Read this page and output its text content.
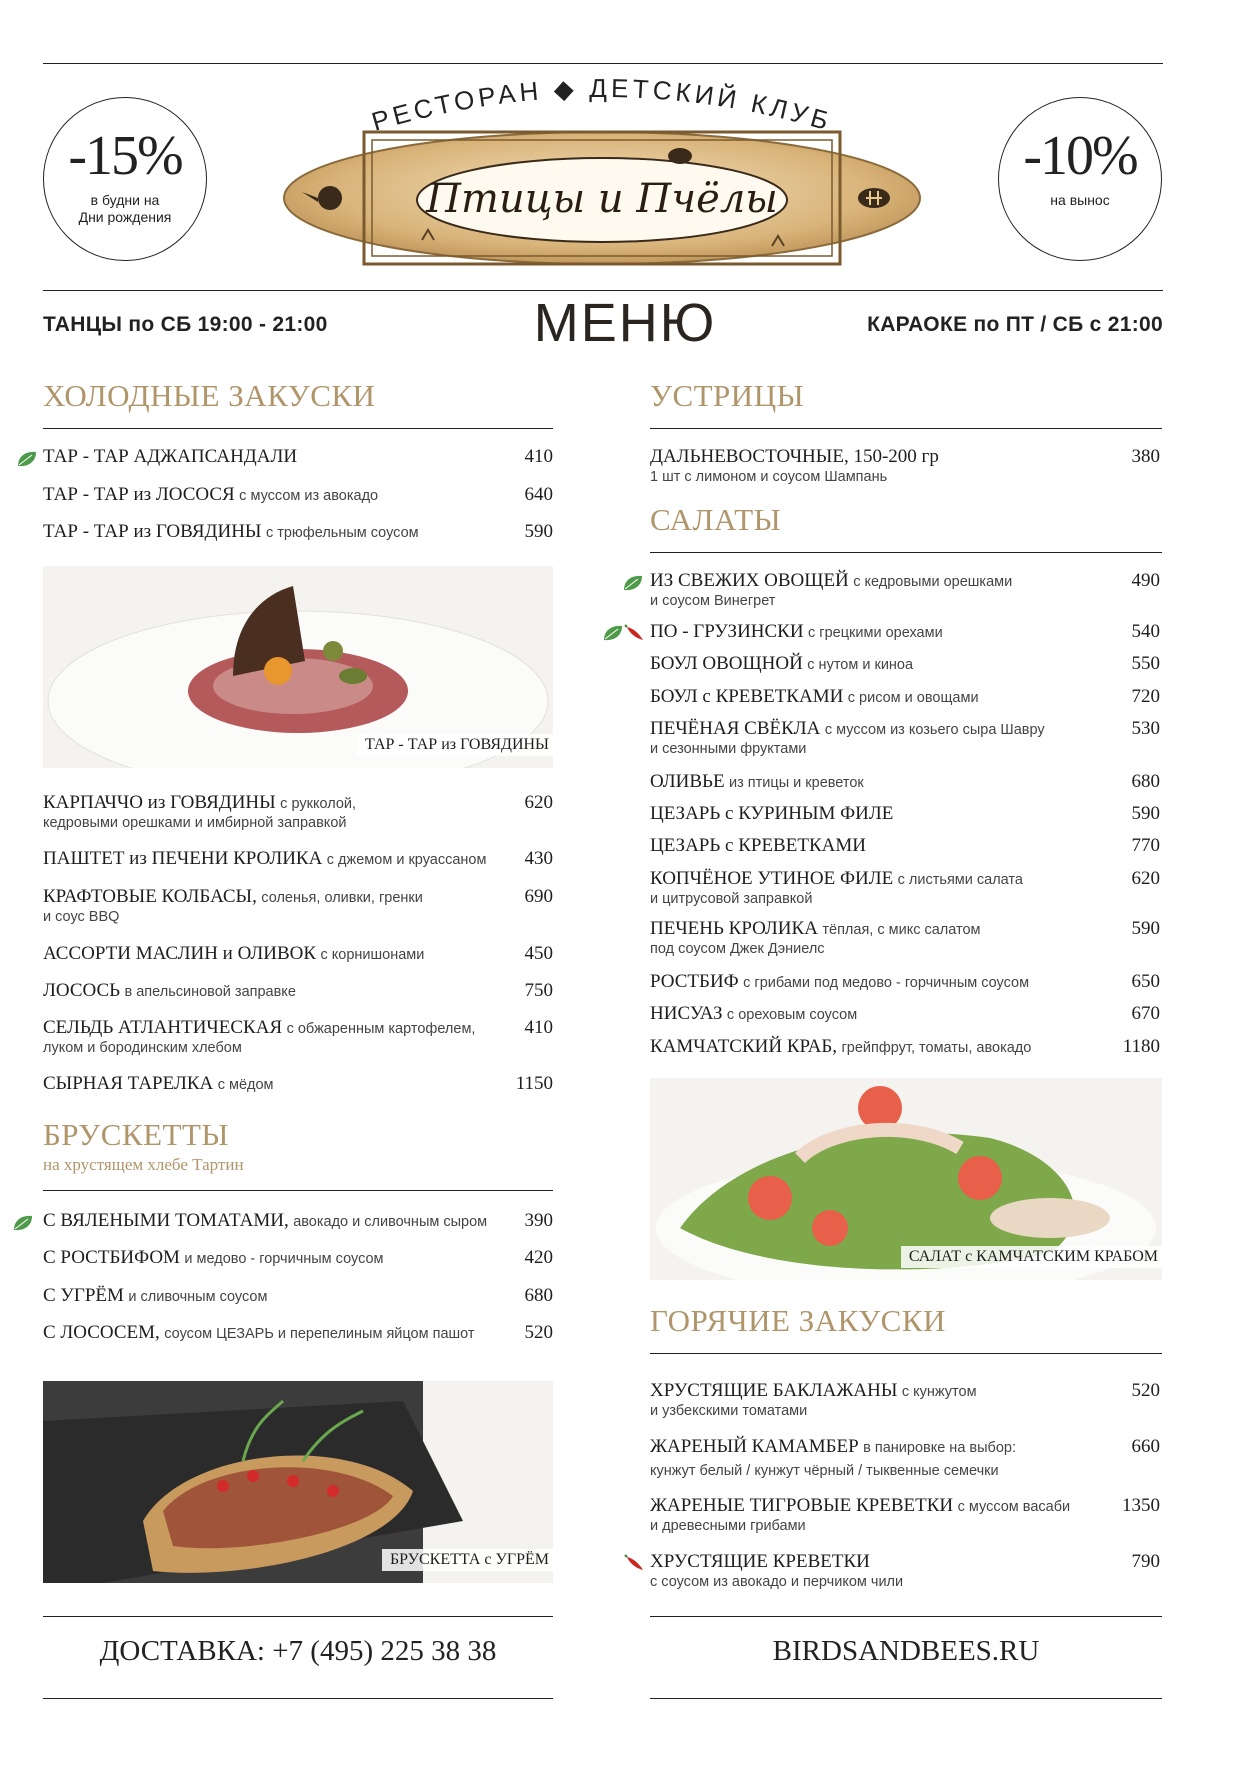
-15%
в будни на
Дни рождения
-10%
на вынос
РЕСТОРАН ◆ ДЕТСКИЙ КЛУБ
Птицы и Пчёлы
ТАНЦЫ по СБ 19:00 - 21:00	МЕНЮ	КАРАОКЕ по ПТ / СБ с 21:00
ХОЛОДНЫЕ ЗАКУСКИ
ТАР - ТАР АДЖАПСАНДАЛИ	410
ТАР - ТАР из ЛОСОСЯ с муссом из авокадо	640
ТАР - ТАР из ГОВЯДИНЫ с трюфельным соусом	590
ТАР - ТАР из ГОВЯДИНЫ
КАРПАЧЧО из ГОВЯДИНЫ с рукколой,
кедровыми орешками и имбирной заправкой
620
ПАШТЕТ из ПЕЧЕНИ КРОЛИКА с джемом и круассаном	430
КРАФТОВЫЕ КОЛБАСЫ, соленья, оливки, гренки
и соус BBQ
690
АССОРТИ МАСЛИН и ОЛИВОК с корнишонами	450
ЛОСОСЬ в апельсиновой заправке	750
СЕЛЬДЬ АТЛАНТИЧЕСКАЯ с обжаренным картофелем,
луком и бородинским хлебом
410
СЫРНАЯ ТАРЕЛКА с мёдом	1150
БРУСКЕТТЫ
на хрустящем хлебе Тартин
С ВЯЛЕНЫМИ ТОМАТАМИ, авокадо и сливочным сыром	390
С РОСТБИФОМ и медово - горчичным соусом	420
С УГРЁМ и сливочным соусом	680
С ЛОСОСЕМ, соусом ЦЕЗАРЬ и перепелиным яйцом пашот	520
БРУСКЕТТА с УГРЁМ
ДОСТАВКА: +7 (495) 225 38 38
УСТРИЦЫ
ДАЛЬНЕВОСТОЧНЫЕ, 150-200 гр
1 шт с лимоном и соусом Шампань
380
САЛАТЫ
ИЗ СВЕЖИХ ОВОЩЕЙ с кедровыми орешками
и соусом Винегрет
490
ПО - ГРУЗИНСКИ с грецкими орехами	540
БОУЛ ОВОЩНОЙ с нутом и киноа	550
БОУЛ с КРЕВЕТКАМИ с рисом и овощами	720
ПЕЧЁНАЯ СВЁКЛА с муссом из козьего сыра Шавру
и сезонными фруктами
530
ОЛИВЬЕ из птицы и креветок	680
ЦЕЗАРЬ с КУРИНЫМ ФИЛЕ	590
ЦЕЗАРЬ с КРЕВЕТКАМИ	770
КОПЧЁНОЕ УТИНОЕ ФИЛЕ с листьями салата
и цитрусовой заправкой
620
ПЕЧЕНЬ КРОЛИКА тёплая, с микс салатом
под соусом Джек Дэниелс
590
РОСТБИФ с грибами под медово - горчичным соусом	650
НИСУАЗ с ореховым соусом	670
КАМЧАТСКИЙ КРАБ, грейпфрут, томаты, авокадо	1180
САЛАТ с КАМЧАТСКИМ КРАБОМ
ГОРЯЧИЕ ЗАКУСКИ
ХРУСТЯЩИЕ БАКЛАЖАНЫ с кунжутом
и узбекскими томатами
520
ЖАРЕНЫЙ КАМАМБЕР в панировке на выбор:
кунжут белый / кунжут чёрный / тыквенные семечки
660
ЖАРЕНЫЕ ТИГРОВЫЕ КРЕВЕТКИ с муссом васаби
и древесными грибами
1350
ХРУСТЯЩИЕ КРЕВЕТКИ
с соусом из авокадо и перчиком чили
790
BIRDSANDBEES.RU
